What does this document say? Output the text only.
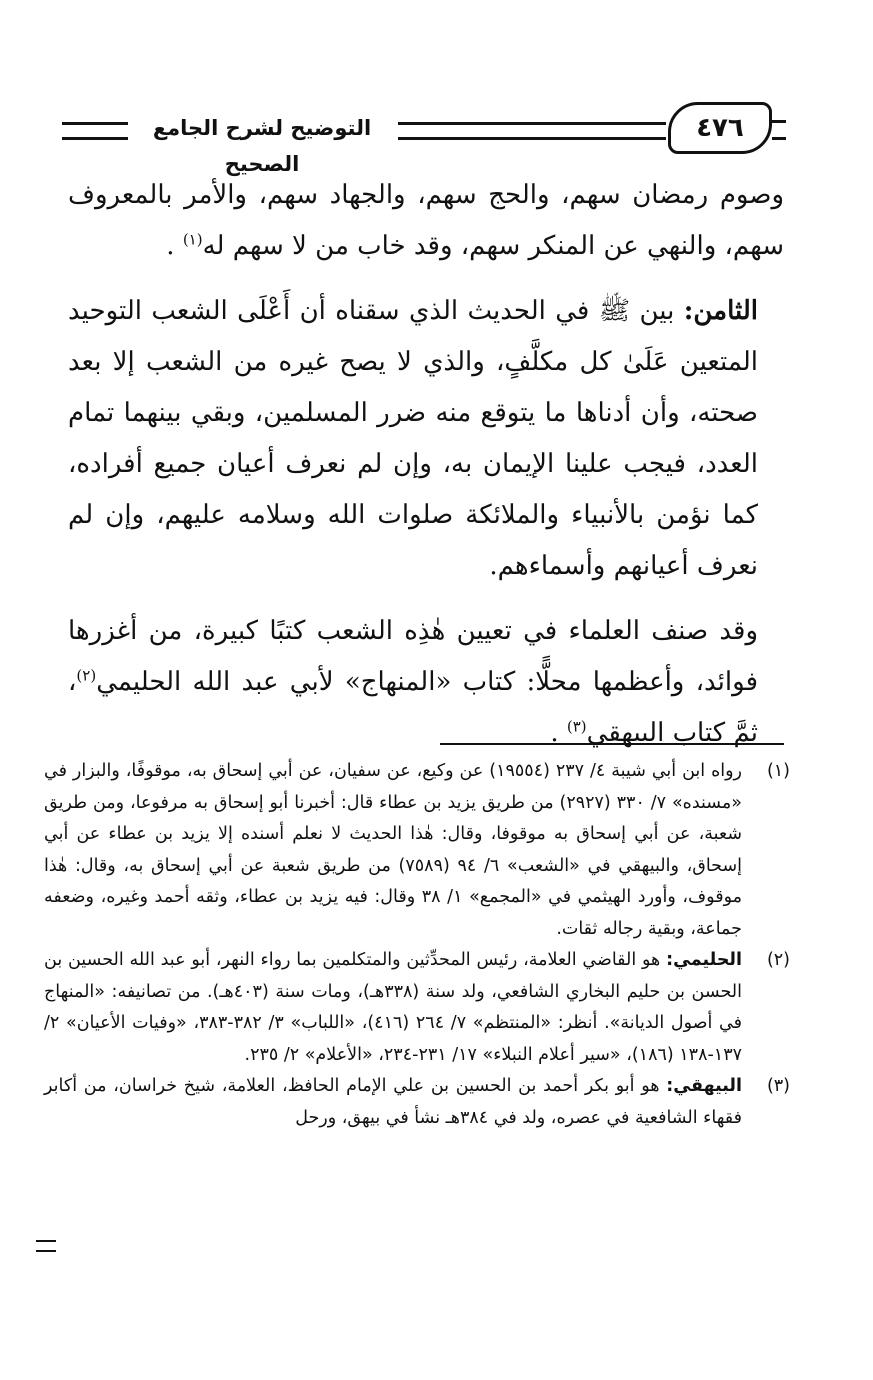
التوضيح لشرح الجامع الصحيح
٤٧٦

وصوم رمضان سهم، والحج سهم، والجهاد سهم، والأمر بالمعروف سهم، والنهي عن المنكر سهم، وقد خاب من لا سهم له$^{(١)}$ .

الثامن: بين ﷺ في الحديث الذي سقناه أن أَعْلَى الشعب التوحيد المتعين عَلَىٰ كل مكلَّفٍ، والذي لا يصح غيره من الشعب إلا بعد صحته، وأن أدناها ما يتوقع منه ضرر المسلمين، وبقي بينهما تمام العدد، فيجب علينا الإيمان به، وإن لم نعرف أعيان جميع أفراده، كما نؤمن بالأنبياء والملائكة صلوات الله وسلامه عليهم، وإن لم نعرف أعيانهم وأسماءهم.

وقد صنف العلماء في تعيين هٰذِه الشعب كتبًا كبيرة، من أغزرها فوائد، وأعظمها محلًّا: كتاب «المنهاج» لأبي عبد الله الحليمي$^{(٢)}$، ثمَّ كتاب البيهقي$^{(٣)}$ .

(١)
رواه ابن أبي شيبة ٤/ ٢٣٧ (١٩٥٥٤) عن وكيع، عن سفيان، عن أبي إسحاق به، موقوفًا، والبزار في «مسنده» ٧/ ٣٣٠ (٢٩٢٧) من طريق يزيد بن عطاء قال: أخبرنا أبو إسحاق به مرفوعا، ومن طريق شعبة، عن أبي إسحاق به موقوفا، وقال: هٰذا الحديث لا نعلم أسنده إلا يزيد بن عطاء عن أبي إسحاق، والبيهقي في «الشعب» ٦/ ٩٤ (٧٥٨٩) من طريق شعبة عن أبي إسحاق به، وقال: هٰذا موقوف، وأورد الهيثمي في «المجمع» ١/ ٣٨ وقال: فيه يزيد بن عطاء، وثقه أحمد وغيره، وضعفه جماعة، وبقية رجاله ثقات.
(٢)
الحليمي: هو القاضي العلامة، رئيس المحدِّثين والمتكلمين بما رواء النهر، أبو عبد الله الحسين بن الحسن بن حليم البخاري الشافعي، ولد سنة (٣٣٨هـ)، ومات سنة (٤٠٣هـ). من تصانيفه: «المنهاج في أصول الديانة». أنظر: «المنتظم» ٧/ ٢٦٤ (٤١٦)، «اللباب» ٣/ ٣٨٢-٣٨٣، «وفيات الأعيان» ٢/ ١٣٧-١٣٨ (١٨٦)، «سير أعلام النبلاء» ١٧/ ٢٣١-٢٣٤، «الأعلام» ٢/ ٢٣٥.
(٣)
البيهقي: هو أبو بكر أحمد بن الحسين بن علي الإمام الحافظ، العلامة، شيخ خراسان، من أكابر فقهاء الشافعية في عصره، ولد في ٣٨٤هـ نشأ في بيهق، ورحل
